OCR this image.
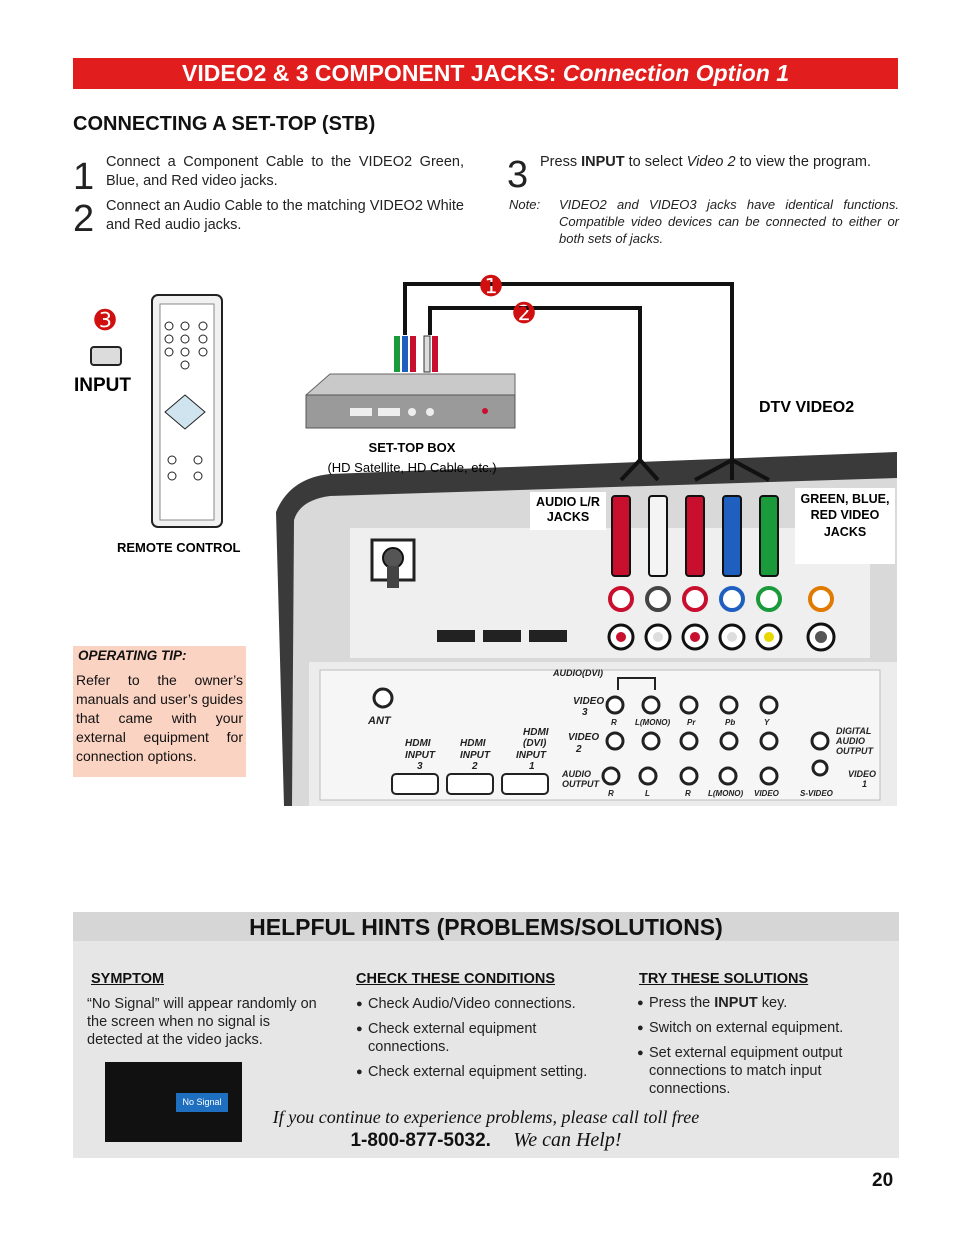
VIDEO2 & 3 COMPONENT JACKS: Connection Option 1
CONNECTING A SET-TOP (STB)
1 Connect a Component Cable to the VIDEO2 Green, Blue, and Red video jacks.
2 Connect an Audio Cable to the matching VIDEO2 White and Red audio jacks.
3 Press INPUT to select Video 2 to view the program.
Note: VIDEO2 and VIDEO3 jacks have identical functions. Compatible video devices can be connected to either or both sets of jacks.
➊
➋
➌
INPUT
REMOTE CONTROL
SET-TOP BOX
(HD Satellite, HD Cable, etc.)
DTV VIDEO2
AUDIO L/R
JACKS
GREEN, BLUE,
RED VIDEO
JACKS
AUDIO(DVI)
ANT
HDMI
INPUT
3
HDMI
INPUT
2
HDMI
(DVI)
INPUT
1
VIDEO
3
VIDEO
2
R L(MONO) Pr	Pb	Y
AUDIO
OUTPUT
R	L	R L(MONO) VIDEO	S-VIDEO
DIGITAL
AUDIO
OUTPUT
VIDEO
1
OPERATING TIP:
Refer to the owner’s manuals and user’s guides that came with your external equipment for connection options.
HELPFUL HINTS (PROBLEMS/SOLUTIONS)
SYMPTOM
“No Signal” will appear randomly on the screen when no signal is detected at the video jacks.
No Signal
CHECK THESE CONDITIONS
● Check Audio/Video connections.
● Check external equipment connections.
● Check external equipment setting.
TRY THESE SOLUTIONS
● Press the INPUT key.
● Switch on external equipment.
● Set external equipment output connections to match input connections.
If you continue to experience problems, please call toll free
1-800-877-5032. We can Help!
20
